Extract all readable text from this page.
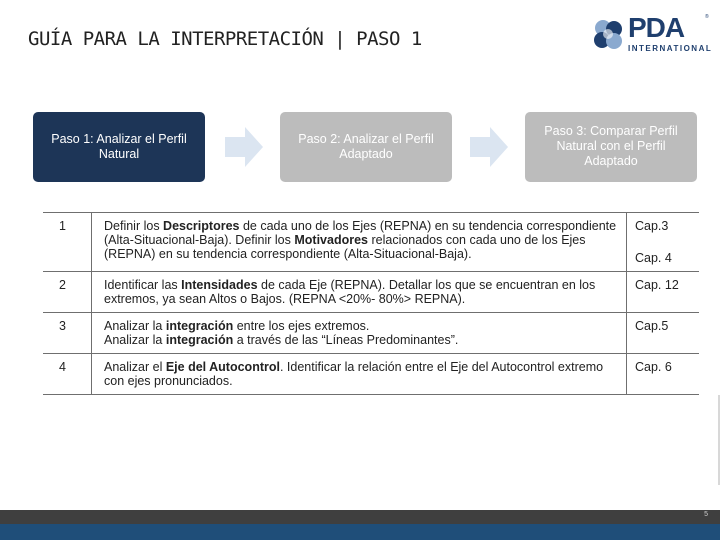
GUÍA PARA LA INTERPRETACIÓN | PASO 1	PDA	®
INTERNATIONAL
Paso 1: Analizar el Perfil Natural
Paso 2: Analizar el Perfil Adaptado
Paso 3: Comparar Perfil Natural con el Perfil Adaptado
1	Definir los Descriptores de cada uno de los Ejes (REPNA) en su tendencia correspondiente (Alta-Situacional-Baja). Definir los Motivadores relacionados con cada uno de los Ejes (REPNA) en su tendencia correspondiente (Alta-Situacional-Baja).	Cap.3
Cap. 4

2	Identificar las Intensidades de cada Eje (REPNA). Detallar los que se encuentran en los extremos, ya sean Altos o Bajos. (REPNA <20%- 80%> REPNA).	Cap. 12

3	Analizar la integración entre los ejes extremos.
Analizar la integración a través de las “Líneas Predominantes”.	Cap.5

4	Analizar el Eje del Autocontrol. Identificar la relación entre el Eje del Autocontrol extremo con ejes pronunciados.	Cap. 6
5
